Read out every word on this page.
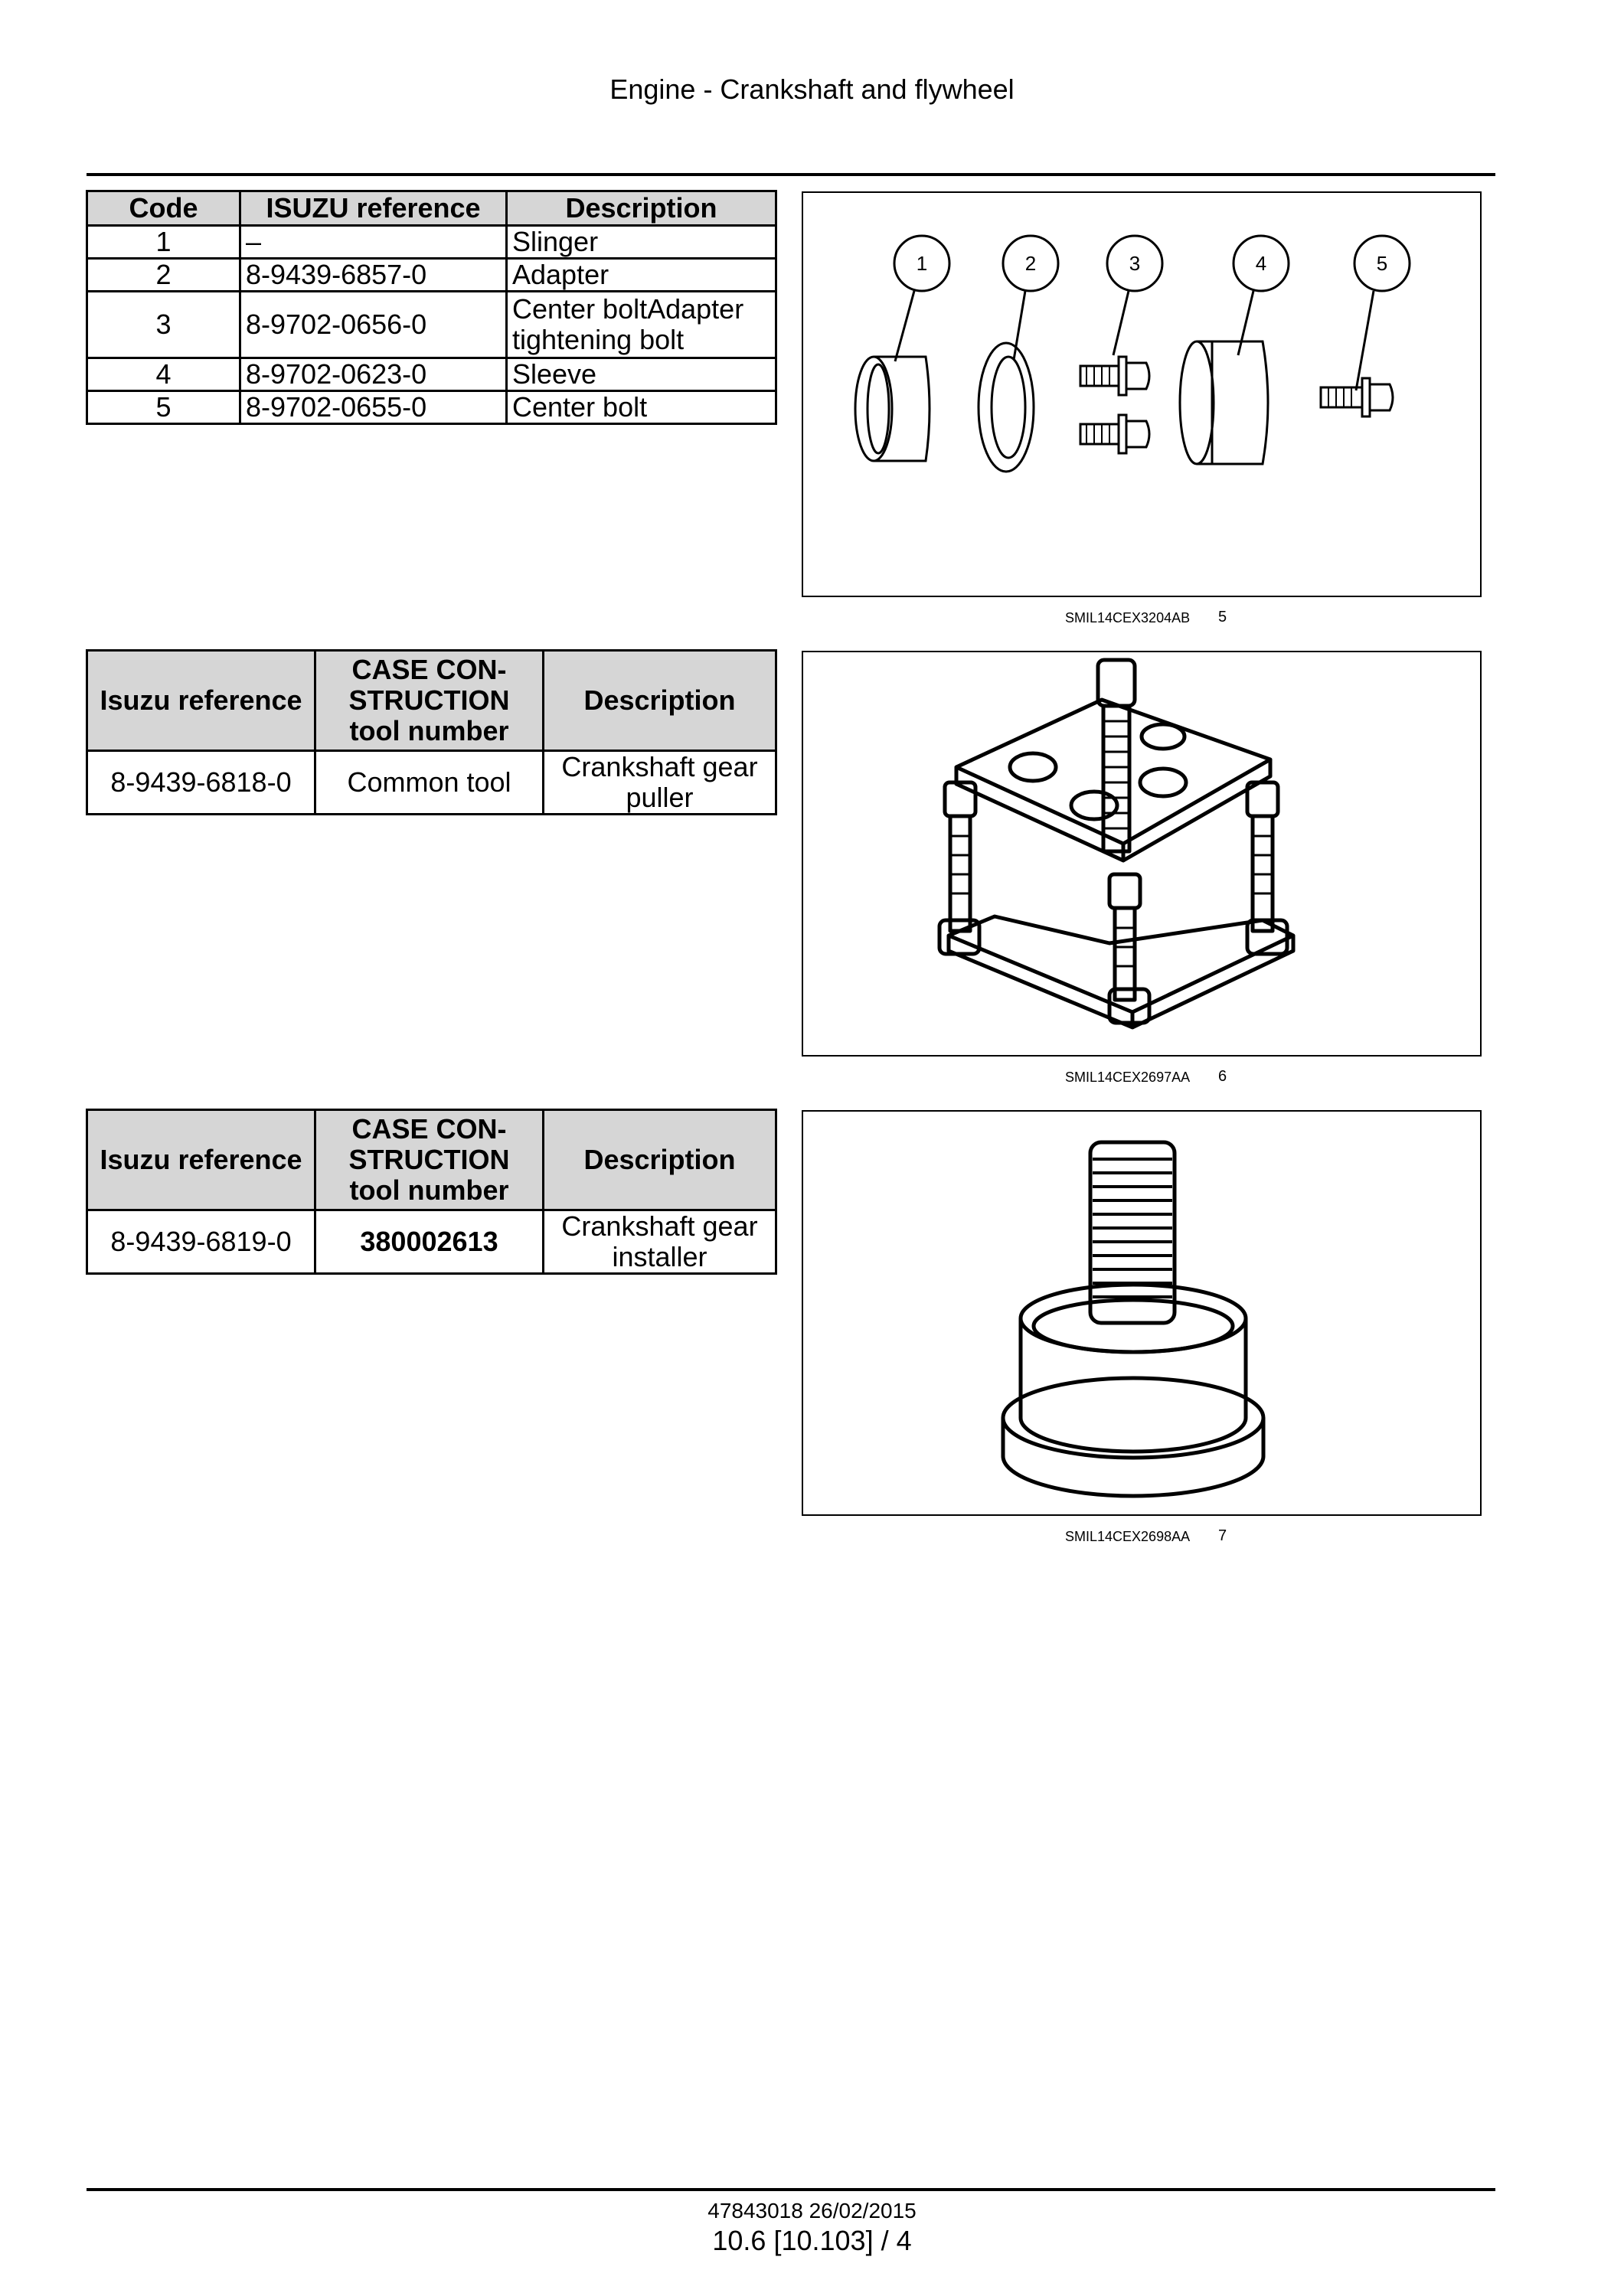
Engine - Crankshaft and flywheel
Code	ISUZU reference	Description
1	–	Slinger
2	8-9439-6857-0	Adapter
3	8-9702-0656-0	Center boltAdapter tightening bolt
4	8-9702-0623-0	Sleeve
5	8-9702-0655-0	Center bolt
1	2	3	4	5
SMIL14CEX3204AB 5
Isuzu reference	CASE CON-STRUCTION tool number	Description
8-9439-6818-0	Common tool	Crankshaft gear puller
SMIL14CEX2697AA 6
Isuzu reference	CASE CON-STRUCTION tool number	Description
8-9439-6819-0	380002613	Crankshaft gear installer
SMIL14CEX2698AA 7
47843018 26/02/2015
10.6 [10.103] / 4
